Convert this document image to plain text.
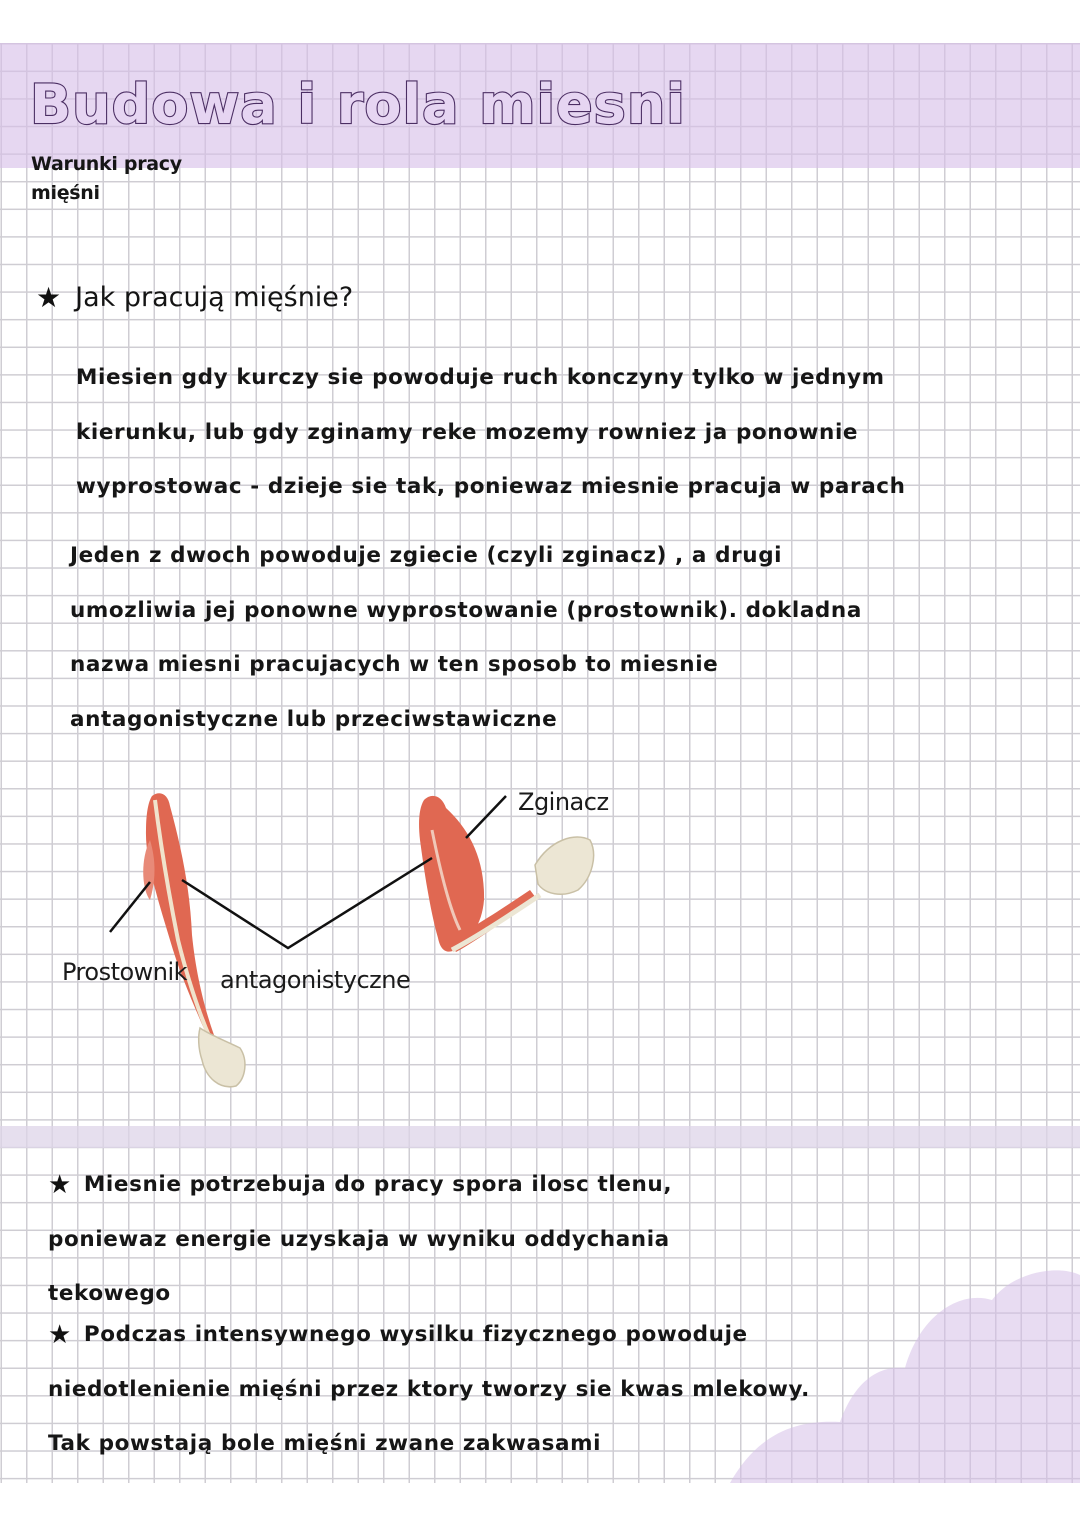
Budowa i rola miesni
Warunki pracy
mięśni
★ Jak pracują mięśnie?
Miesien gdy kurczy sie powoduje ruch konczyny tylko w jednym
kierunku, lub gdy zginamy reke mozemy rowniez ja ponownie
wyprostowac - dzieje sie tak, poniewaz miesnie pracuja w parach
Jeden z dwoch powoduje zgiecie (czyli zginacz) , a drugi
umozliwia jej ponowne wyprostowanie (prostownik). dokladna
nazwa miesni pracujacych w ten sposob to miesnie
antagonistyczne lub przeciwstawiczne
Prostownik antagonistyczne
Zginacz
★ Miesnie potrzebuja do pracy spora ilosc tlenu,
poniewaz energie uzyskaja w wyniku oddychania
tekowego
★ Podczas intensywnego wysilku fizycznego powoduje
niedotlenienie mięśni przez ktory tworzy sie kwas mlekowy.
Tak powstają bole mięśni zwane zakwasami
